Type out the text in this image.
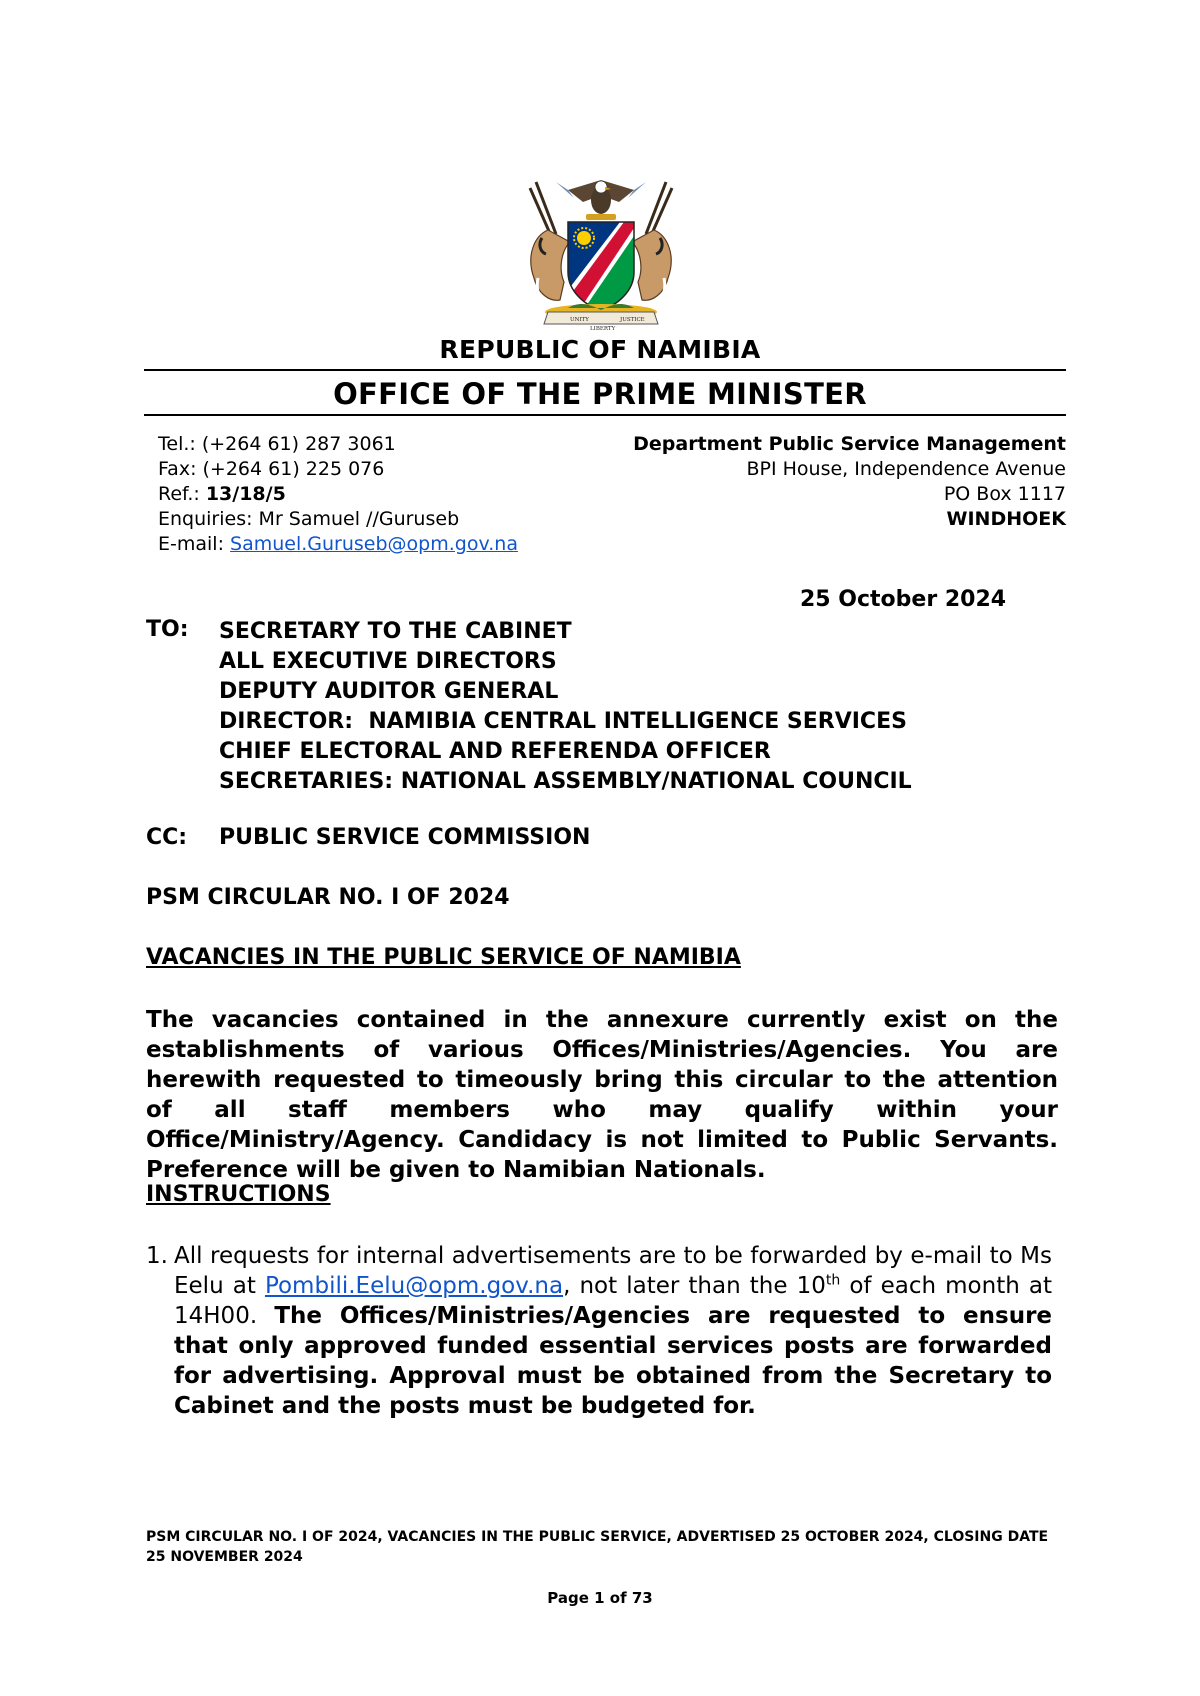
UNITY
LIBERTY
JUSTICE
REPUBLIC OF NAMIBIA
OFFICE OF THE PRIME MINISTER
Tel.: (+264 61) 287 3061
Fax: (+264 61) 225 076
Ref.: 13/18/5
Enquiries: Mr Samuel //Guruseb
E-mail: Samuel.Guruseb@opm.gov.na
Department Public Service Management
BPI House, Independence Avenue
PO Box 1117
WINDHOEK
25 October 2024
TO: SECRETARY TO THE CABINET
ALL EXECUTIVE DIRECTORS
DEPUTY AUDITOR GENERAL
DIRECTOR:  NAMIBIA CENTRAL INTELLIGENCE SERVICES
CHIEF ELECTORAL AND REFERENDA OFFICER
SECRETARIES: NATIONAL ASSEMBLY/NATIONAL COUNCIL
CC: PUBLIC SERVICE COMMISSION
PSM CIRCULAR NO. I OF 2024
VACANCIES IN THE PUBLIC SERVICE OF NAMIBIA
The vacancies contained in the annexure currently exist on the establishments of various Offices/Ministries/Agencies. You are herewith requested to timeously bring this circular to the attention of all staff members who may qualify within your Office/Ministry/Agency. Candidacy is not limited to Public Servants. Preference will be given to Namibian Nationals.
INSTRUCTIONS
1. All requests for internal advertisements are to be forwarded by e-mail to Ms Eelu at Pombili.Eelu@opm.gov.na, not later than the 10th of each month at 14H00. The Offices/Ministries/Agencies are requested to ensure that only approved funded essential services posts are forwarded for advertising. Approval must be obtained from the Secretary to Cabinet and the posts must be budgeted for.
PSM CIRCULAR NO. I OF 2024, VACANCIES IN THE PUBLIC SERVICE, ADVERTISED 25 OCTOBER 2024, CLOSING DATE 25 NOVEMBER 2024
Page 1 of 73
